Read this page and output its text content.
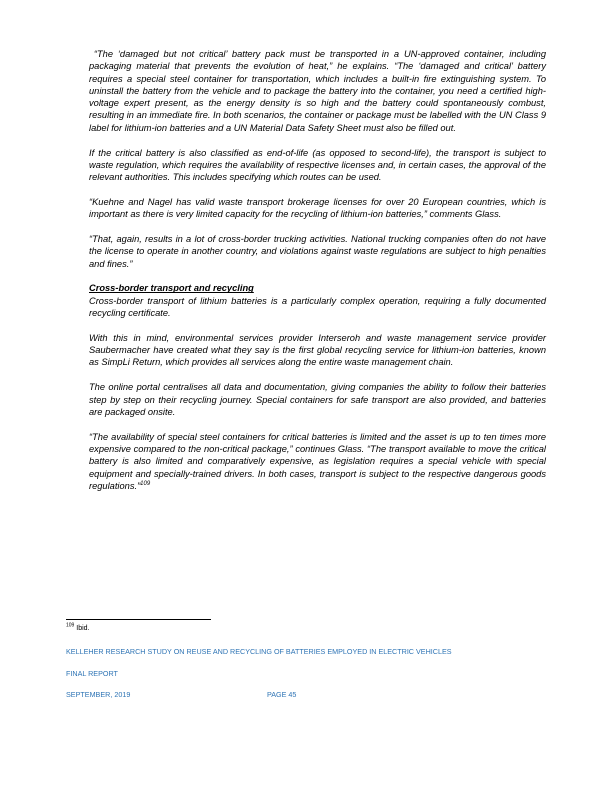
“The ‘damaged but not critical’ battery pack must be transported in a UN-approved container, including packaging material that prevents the evolution of heat,” he explains. “The ‘damaged and critical’ battery requires a special steel container for transportation, which includes a built-in fire extinguishing system. To uninstall the battery from the vehicle and to package the battery into the container, you need a certified high-voltage expert present, as the energy density is so high and the battery could spontaneously combust, resulting in an immediate fire. In both scenarios, the container or package must be labelled with the UN Class 9 label for lithium-ion batteries and a UN Material Data Safety Sheet must also be filled out.

If the critical battery is also classified as end-of-life (as opposed to second-life), the transport is subject to waste regulation, which requires the availability of respective licenses and, in certain cases, the approval of the relevant authorities. This includes specifying which routes can be used.

“Kuehne and Nagel has valid waste transport brokerage licenses for over 20 European countries, which is important as there is very limited capacity for the recycling of lithium-ion batteries,” comments Glass.

“That, again, results in a lot of cross-border trucking activities. National trucking companies often do not have the license to operate in another country, and violations against waste regulations are subject to high penalties and fines.”

Cross-border transport and recycling

Cross-border transport of lithium batteries is a particularly complex operation, requiring a fully documented recycling certificate.

With this in mind, environmental services provider Interseroh and waste management service provider Saubermacher have created what they say is the first global recycling service for lithium-ion batteries, known as SimpLi Return, which provides all services along the entire waste management chain.

The online portal centralises all data and documentation, giving companies the ability to follow their batteries step by step on their recycling journey. Special containers for safe transport are also provided, and batteries are packaged onsite.

“The availability of special steel containers for critical batteries is limited and the asset is up to ten times more expensive compared to the non-critical package,” continues Glass. “The transport available to move the critical battery is also limited and comparatively expensive, as legislation requires a special vehicle with special equipment and specially-trained drivers. In both cases, transport is subject to the respective dangerous goods regulations.”$^{109}$

$^{109}$ Ibid.
KELLEHER RESEARCH STUDY ON REUSE AND RECYCLING OF BATTERIES EMPLOYED IN ELECTRIC VEHICLES
FINAL REPORT
SEPTEMBER, 2019	PAGE 45
